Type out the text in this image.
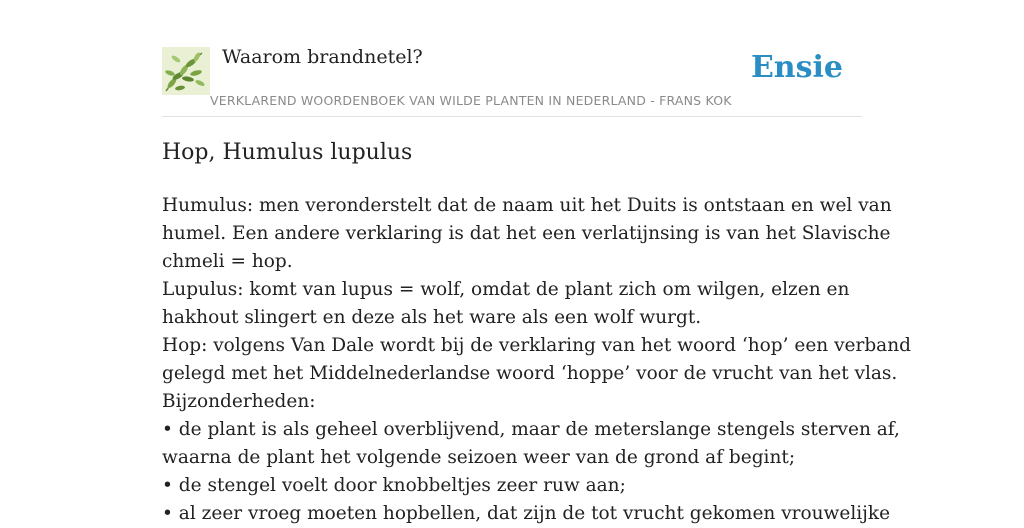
Waarom brandnetel?
VERKLAREND WOORDENBOEK VAN WILDE PLANTEN IN NEDERLAND - FRANS KOK
Ensie
Hop, Humulus lupulus
Humulus: men veronderstelt dat de naam uit het Duits is ontstaan en wel van
humel. Een andere verklaring is dat het een verlatijnsing is van het Slavische
chmeli = hop.
Lupulus: komt van lupus = wolf, omdat de plant zich om wilgen, elzen en
hakhout slingert en deze als het ware als een wolf wurgt.
Hop: volgens Van Dale wordt bij de verklaring van het woord ‘hop’ een verband
gelegd met het Middelnederlandse woord ‘hoppe’ voor de vrucht van het vlas.
Bijzonderheden:
• de plant is als geheel overblijvend, maar de meterslange stengels sterven af,
waarna de plant het volgende seizoen weer van de grond af begint;
• de stengel voelt door knobbeltjes zeer ruw aan;
• al zeer vroeg moeten hopbellen, dat zijn de tot vrucht gekomen vrouwelijke
